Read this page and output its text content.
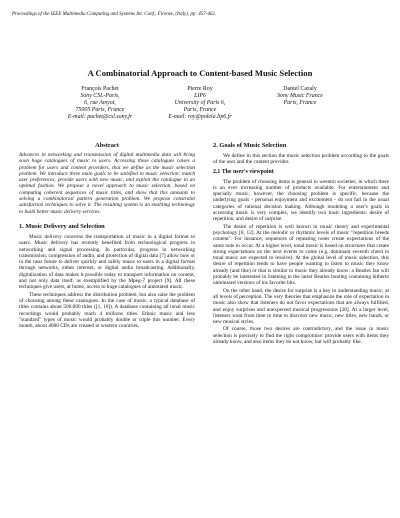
Proceedings of the IEEE Multimedia Computing and Systems Int. Conf., Firenze, (Italy), pp: 457-462.
A Combinatorial Approach to Content-based Music Selection
François Pachet
Sony CSL-Paris,
6, rue Amyot,
75005 Paris, France
E-mail: pachet@csl.sony,fr
Pierre Roy
LIP6
University of Paris 6,
Paris, France
E-mail: roy@poleia.lip6,fr
Daniel Cazaly
Sony Music France
Paris, France
Abstract
Advances in networking and transmission of digital multimedia data will bring soon huge catalogues of music to users. Accessing these catalogues raises a problem for users and content providers, that we define as the music selection problem. We introduce three main goals to be satisfied in music selection: match user preferences, provide users with new music, and exploit the catalogue in an optimal fashion. We propose a novel approach to music selection, based on computing coherent sequences of music titles, and show that this amounts to solving a combinatorial pattern generation problem. We propose constraint satisfaction techniques to solve it. The resulting system is an enabling technology to build better music delivery services.
1. Music Delivery and Selection
Music delivery concerns the transportation of music in a digital format to users. Music delivery has recently benefited from technological progress in networking and signal processing. In particular, progress in networking transmission, compression of audio, and protection of digital data [7] allow now or in the near future to deliver quickly and safely music to users in a digital format through networks, either internet, or digital audio broadcasting. Additionally, digitalization of data makes it possible today to transport information on content, and not only data itself, as exemplified by the Mpeg-7 project [9]. All these techniques give users, at home, access to huge catalogues of annotated music.
These techniques address the distribution problem, but also raise the problem of choosing among these catalogues. In the case of music, a typical database of titles contains about 500.000 titles ([1, 10]). A database containing all tonal music recordings would probably reach 4 millions titles. Ethnic music and less "standard" types of music would probably double or triple this number. Every month, about 4000 CDs are created in western countries.
2. Goals of Music Selection
We define in this section the music selection problem according to the goals of the user and the content provider.
2.1 The user's viewpoint
The problem of choosing items is general in western societies, in which there is an ever increasing number of products available. For entertainment and specially music, however, the choosing problem is specific, because the underlying goals - personal enjoyment and excitement - do not fall in the usual categories of rational decision making. Although modeling a user's goals in accessing music is very complex, we identify two basic ingredients: desire of repetition, and desire of surprise.
The desire of repetition is well known in music theory and experimental psychology [8, 12]. At the melodic or rhythmic levels of music "repetition breeds content". For instance, sequences of repeating notes create expectations of the same note to occur. At a higher level, tonal music is based on structures that create strong expectations on the next events to come (e.g. dominant seventh chord in tonal music are expected to resolve). At the global level of music selection, this desire of repetition tends to have people wanting to listen to music they know already (and like) or that is similar to music they already know: a Beatles fan will probably be interested in listening to the latest Beatles bootleg containing hitherto unreleased versions of his favorite hits.
On the other hand, the desire for surprise is a key to understanding music, at all levels of perception. The very theories that emphasize the role of expectation in music also show that listeners do not favor expectations that are always fulfilled, and enjoy surprises and unexpected musical progressions [20]. At a larger level, listeners want from time to time to discover new music, new titles, new bands, or new musical styles.
Of course, those two desires are contradictory, and the issue in music selection is precisely to find the right compromise: provide users with items they already know, and also items they do not know, but will probably like.
